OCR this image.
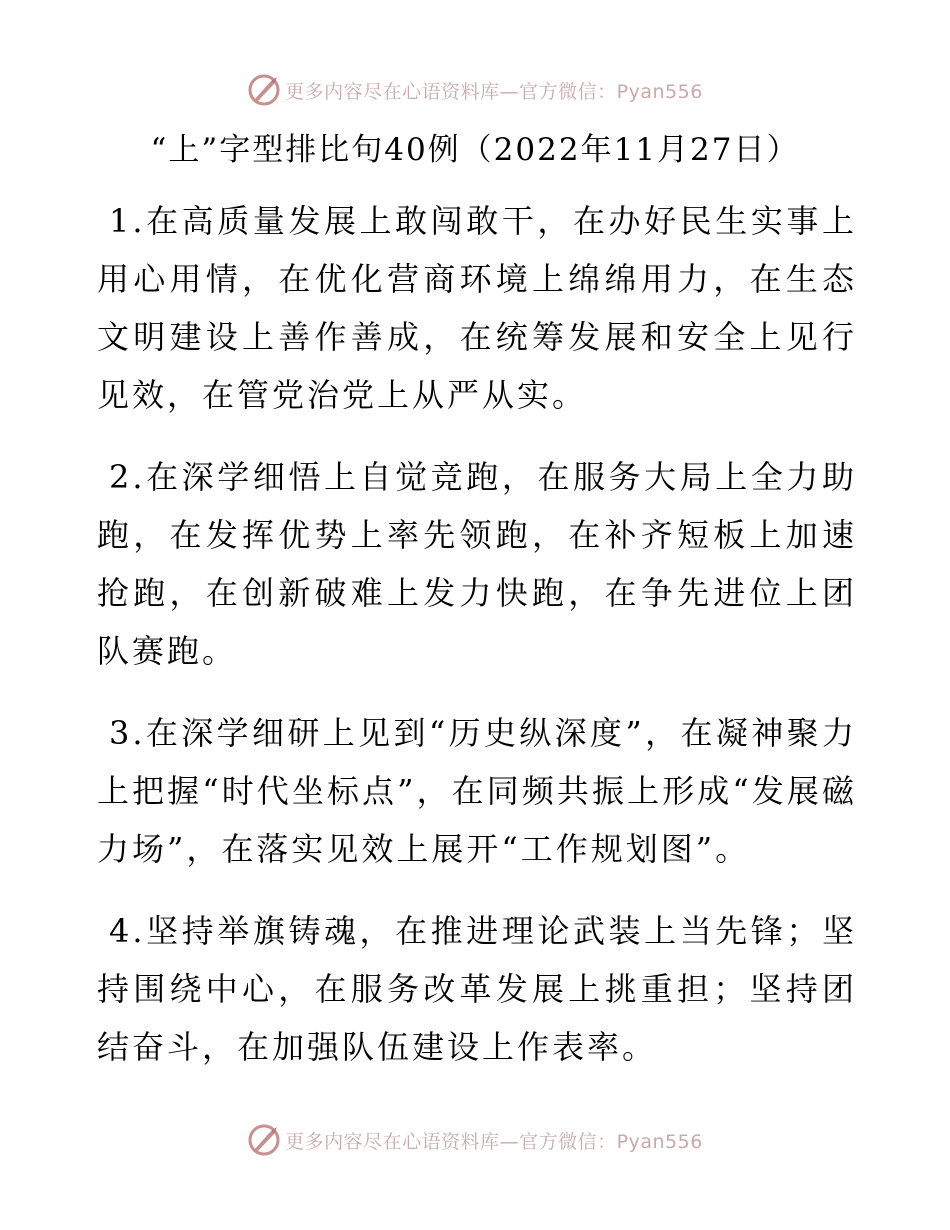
更多内容尽在心语资料库—官方微信：Pyan556
“上”字型排比句40例（2022年11月27日）

1.在高质量发展上敢闯敢干，在办好民生实事上用心用情，在优化营商环境上绵绵用力，在生态文明建设上善作善成，在统筹发展和安全上见行见效，在管党治党上从严从实。

2.在深学细悟上自觉竞跑，在服务大局上全力助跑，在发挥优势上率先领跑，在补齐短板上加速抢跑，在创新破难上发力快跑，在争先进位上团队赛跑。

3.在深学细研上见到“历史纵深度”，在凝神聚力上把握“时代坐标点”，在同频共振上形成“发展磁力场”，在落实见效上展开“工作规划图”。

4.坚持举旗铸魂，在推进理论武装上当先锋；坚持围绕中心，在服务改革发展上挑重担；坚持团结奋斗，在加强队伍建设上作表率。

更多内容尽在心语资料库—官方微信：Pyan556
